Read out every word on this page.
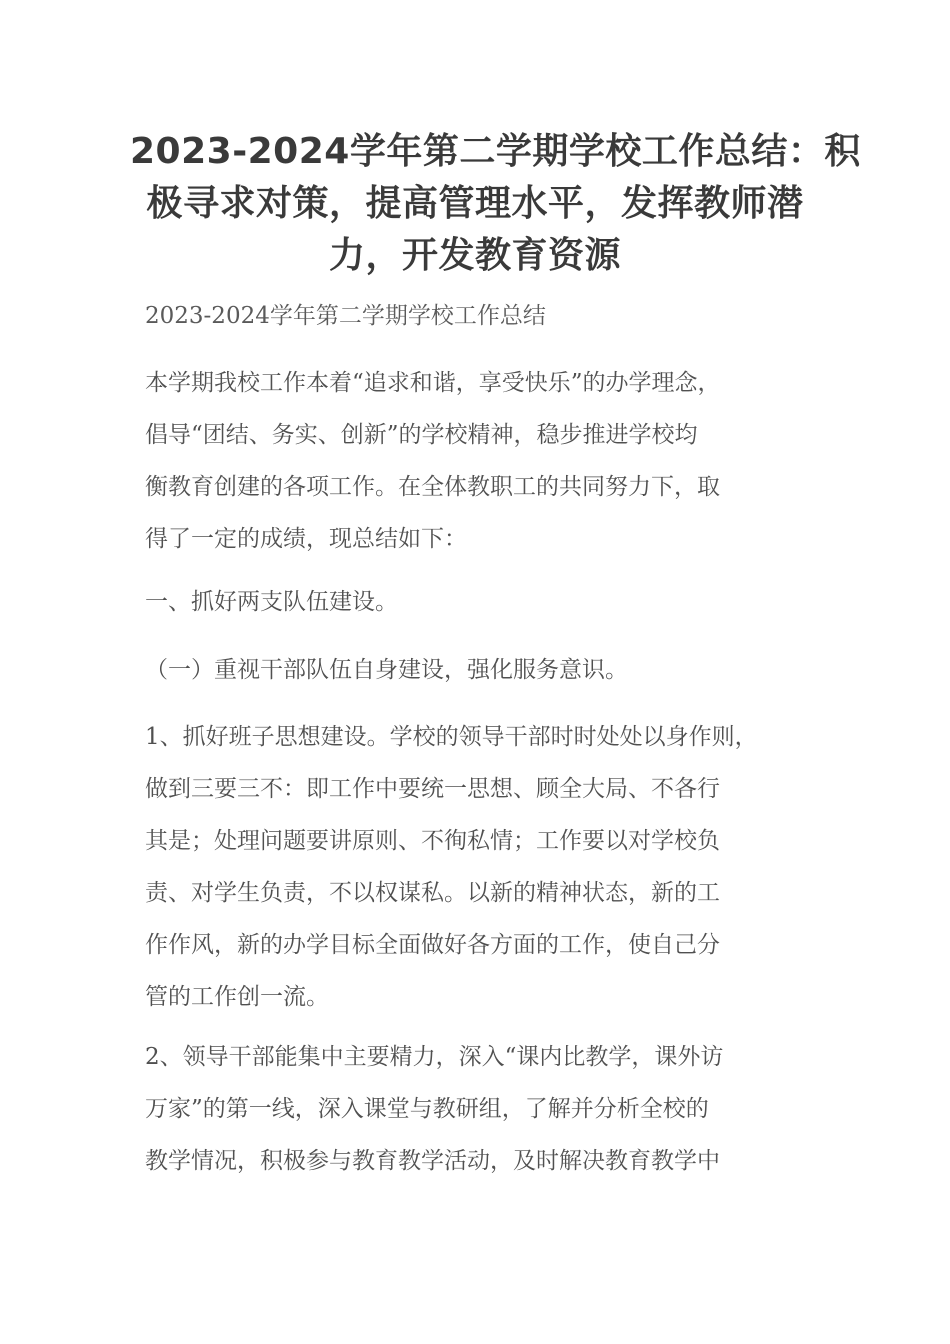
2023-2024学年第二学期学校工作总结：积
极寻求对策，提高管理水平，发挥教师潜
力，开发教育资源
2023-2024学年第二学期学校工作总结
本学期我校工作本着“追求和谐，享受快乐”的办学理念，
倡导“团结、务实、创新”的学校精神，稳步推进学校均
衡教育创建的各项工作。在全体教职工的共同努力下，取
得了一定的成绩，现总结如下：
一、抓好两支队伍建设。
（一）重视干部队伍自身建设，强化服务意识。
1、抓好班子思想建设。学校的领导干部时时处处以身作则，
做到三要三不：即工作中要统一思想、顾全大局、不各行
其是；处理问题要讲原则、不徇私情；工作要以对学校负
责、对学生负责，不以权谋私。以新的精神状态，新的工
作作风，新的办学目标全面做好各方面的工作，使自己分
管的工作创一流。
2、领导干部能集中主要精力，深入“课内比教学，课外访
万家”的第一线，深入课堂与教研组，了解并分析全校的
教学情况，积极参与教育教学活动，及时解决教育教学中
